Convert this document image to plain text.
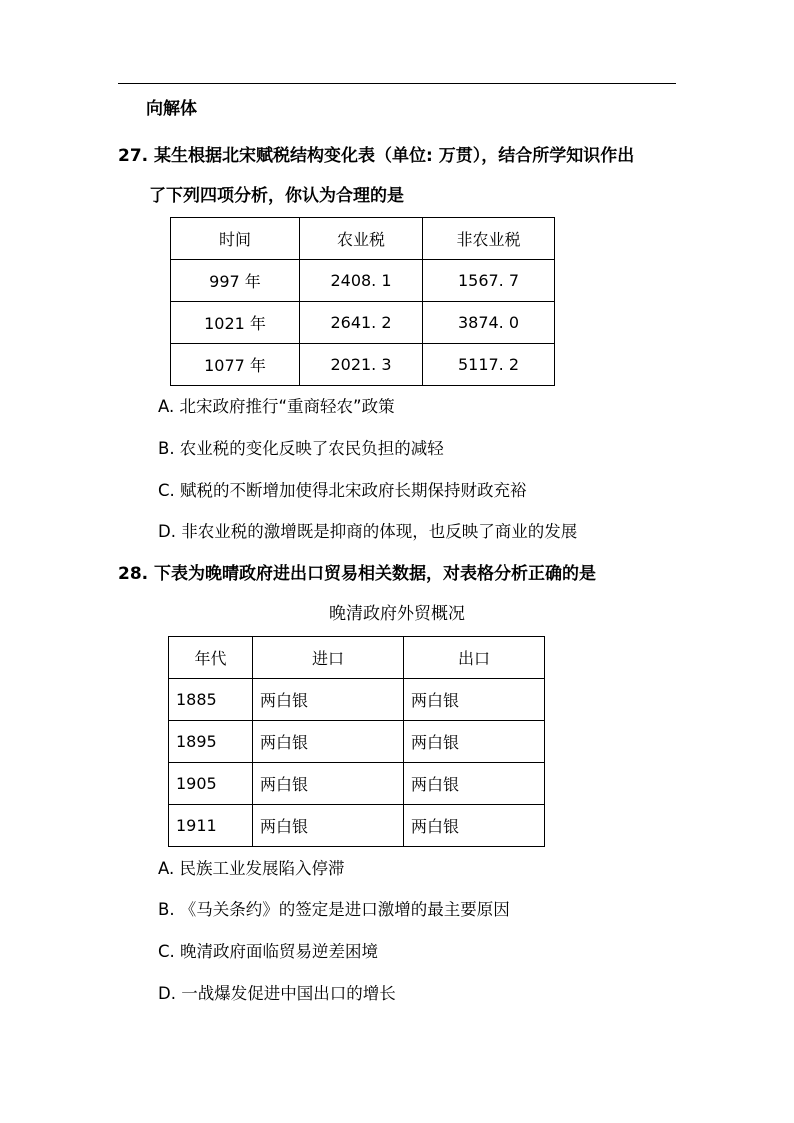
向解体
27. 某生根据北宋赋税结构变化表（单位: 万贯），结合所学知识作出
了下列四项分析，你认为合理的是
时间	农业税	非农业税
997 年	2408. 1	1567. 7
1021 年	2641. 2	3874. 0
1077 年	2021. 3	5117. 2
A. 北宋政府推行“重商轻农”政策
B. 农业税的变化反映了农民负担的减轻
C. 赋税的不断增加使得北宋政府长期保持财政充裕
D. 非农业税的激增既是抑商的体现，也反映了商业的发展
28. 下表为晚晴政府进出口贸易相关数据，对表格分析正确的是
晚清政府外贸概况
年代	进口	出口
1885	两白银	两白银
1895	两白银	两白银
1905	两白银	两白银
1911	两白银	两白银
A. 民族工业发展陷入停滞
B. 《马关条约》的签定是进口激增的最主要原因
C. 晚清政府面临贸易逆差困境
D. 一战爆发促进中国出口的增长
